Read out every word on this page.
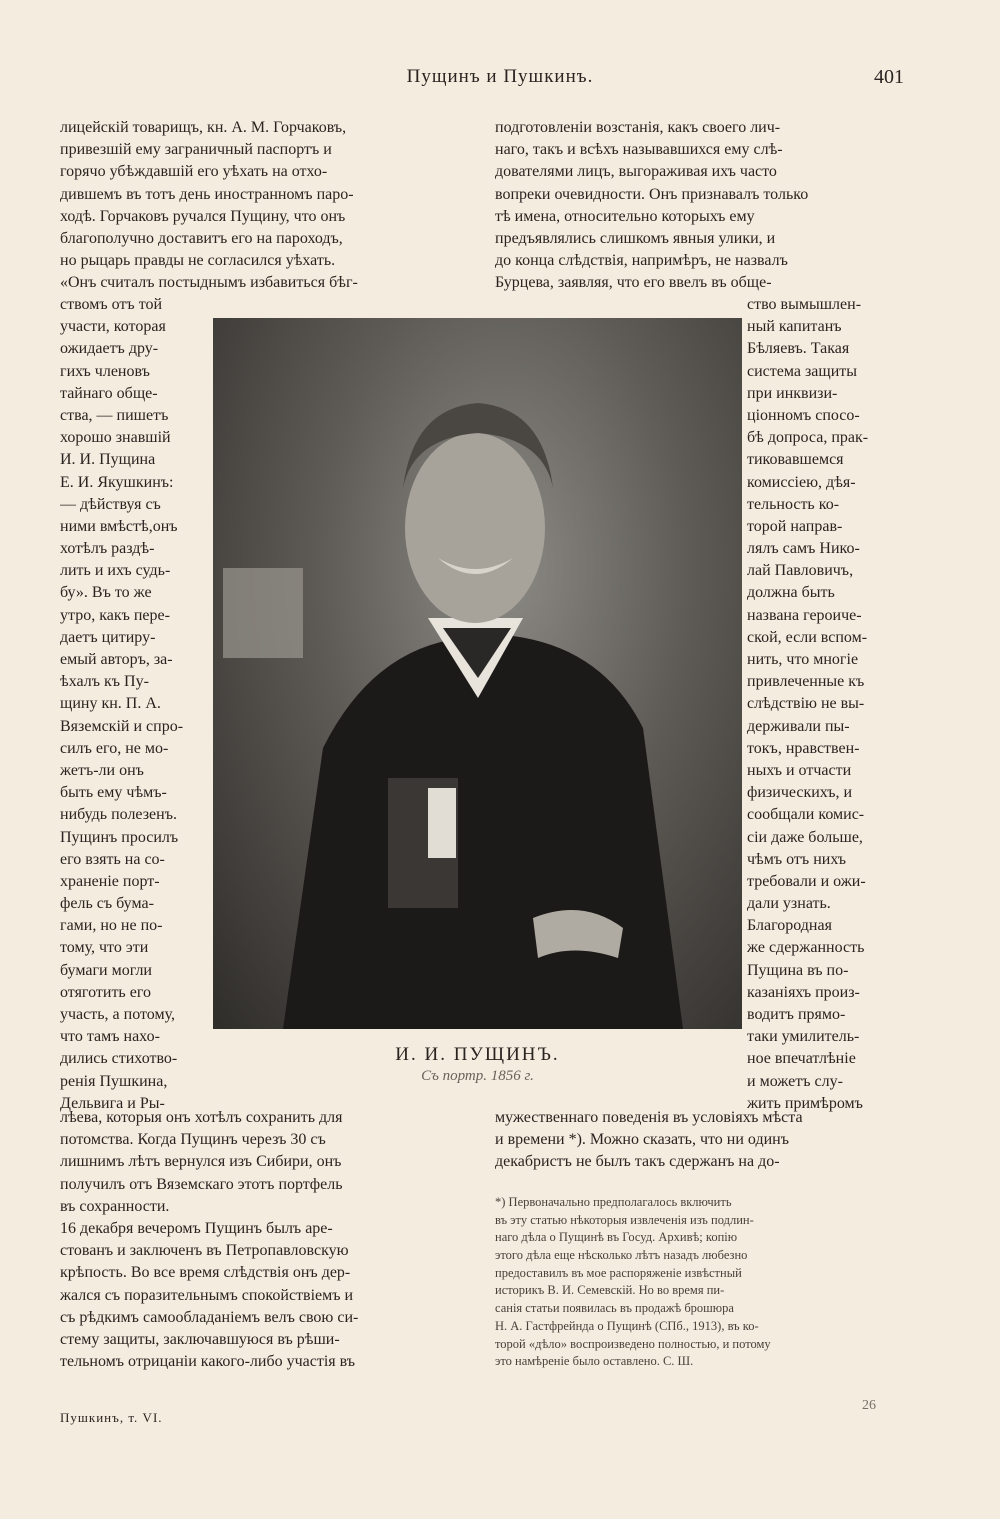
Пущинъ и Пушкинъ.	401
лицейскій товарищъ, кн. А. М. Горчаковъ,
привезшій ему заграничный паспортъ и
горячо убѣждавшій его уѣхать на отхо-
дившемъ въ тотъ день иностранномъ паро-
ходѣ. Горчаковъ ручался Пущину, что онъ
благополучно доставитъ его на пароходъ,
но рыцарь правды не согласился уѣхать.
«Онъ считалъ постыднымъ избавиться бѣг-
ствомъ отъ той
участи, которая
ожидаетъ дру-
гихъ членовъ
тайнаго обще-
ства, — пишетъ
хорошо знавшій
И. И. Пущина
Е. И. Якушкинъ:
— дѣйствуя съ
ними вмѣстѣ,онъ
хотѣлъ раздѣ-
лить и ихъ судь-
бу». Въ то же
утро, какъ пере-
даетъ цитиру-
емый авторъ, за-
ѣхалъ къ Пу-
щину кн. П. А.
Вяземскій и спро-
силъ его, не мо-
жетъ-ли онъ
быть ему чѣмъ-
нибудь полезенъ.
Пущинъ просилъ
его взять на со-
храненіе порт-
фель съ бума-
гами, но не по-
тому, что эти
бумаги могли
отяготить его
участь, а потому,
что тамъ нахо-
дились стихотво-
ренія Пушкина,
Дельвига и Ры-
лѣева, которыя онъ хотѣлъ сохранить для
потомства. Когда Пущинъ черезъ 30 съ
лишнимъ лѣтъ вернулся изъ Сибири, онъ
получилъ отъ Вяземскаго этотъ портфель
въ сохранности.
16 декабря вечеромъ Пущинъ былъ аре-
стованъ и заключенъ въ Петропавловскую
крѣпость. Во все время слѣдствія онъ дер-
жался съ поразительнымъ спокойствіемъ и
съ рѣдкимъ самообладаніемъ велъ свою си-
стему защиты, заключавшуюся въ рѣши-
тельномъ отрицаніи какого-либо участія въ
подготовленіи возстанія, какъ своего лич-
наго, такъ и всѣхъ называвшихся ему слѣ-
дователями лицъ, выгораживая ихъ часто
вопреки очевидности. Онъ признавалъ только
тѣ имена, относительно которыхъ ему
предъявлялись слишкомъ явныя улики, и
до конца слѣдствія, напримѣръ, не назвалъ
Бурцева, заявляя, что его ввелъ въ обще-
ство вымышлен-
ный капитанъ
Бѣляевъ. Такая
система защиты
при инквизи-
ціонномъ спосо-
бѣ допроса, прак-
тиковавшемся
комиссіею, дѣя-
тельность ко-
торой направ-
лялъ самъ Нико-
лай Павловичъ,
должна быть
названа герoиче-
ской, если вспом-
нить, что многіе
привлеченные къ
слѣдствію не вы-
держивали пы-
токъ, нравствен-
ныхъ и отчасти
физическихъ, и
сообщали комис-
сіи даже больше,
чѣмъ отъ нихъ
требовали и ожи-
дали узнать.
Благородная
же сдержанность
Пущина въ по-
казаніяхъ произ-
водитъ прямо-
таки умилитель-
ное впечатлѣніе
и можетъ слу-
жить примѣромъ
мужественнаго поведенія въ условіяхъ мѣста
и времени *). Можно сказать, что ни одинъ
декабристъ не былъ такъ сдержанъ на до-
*) Первоначально предполагалось включить
въ эту статью нѣкоторыя извлеченія изъ подлин-
наго дѣла о Пущинѣ въ Госуд. Архивѣ; копію
этого дѣла еще нѣсколько лѣтъ назадъ любезно
предоставилъ въ мое распоряженіе извѣстный
историкъ В. И. Семевскій. Но во время пи-
санія статьи появилась въ продажѣ брошюра
Н. А. Гастфрейнда о Пущинѣ (СПб., 1913), въ ко-
торой «дѣло» воспроизведено полностью, и потому
это намѣреніе было оставлено. С. Ш.
И. И. ПУЩИНЪ.
Съ портр. 1856 г.
Пушкинъ, т. VI.
26
